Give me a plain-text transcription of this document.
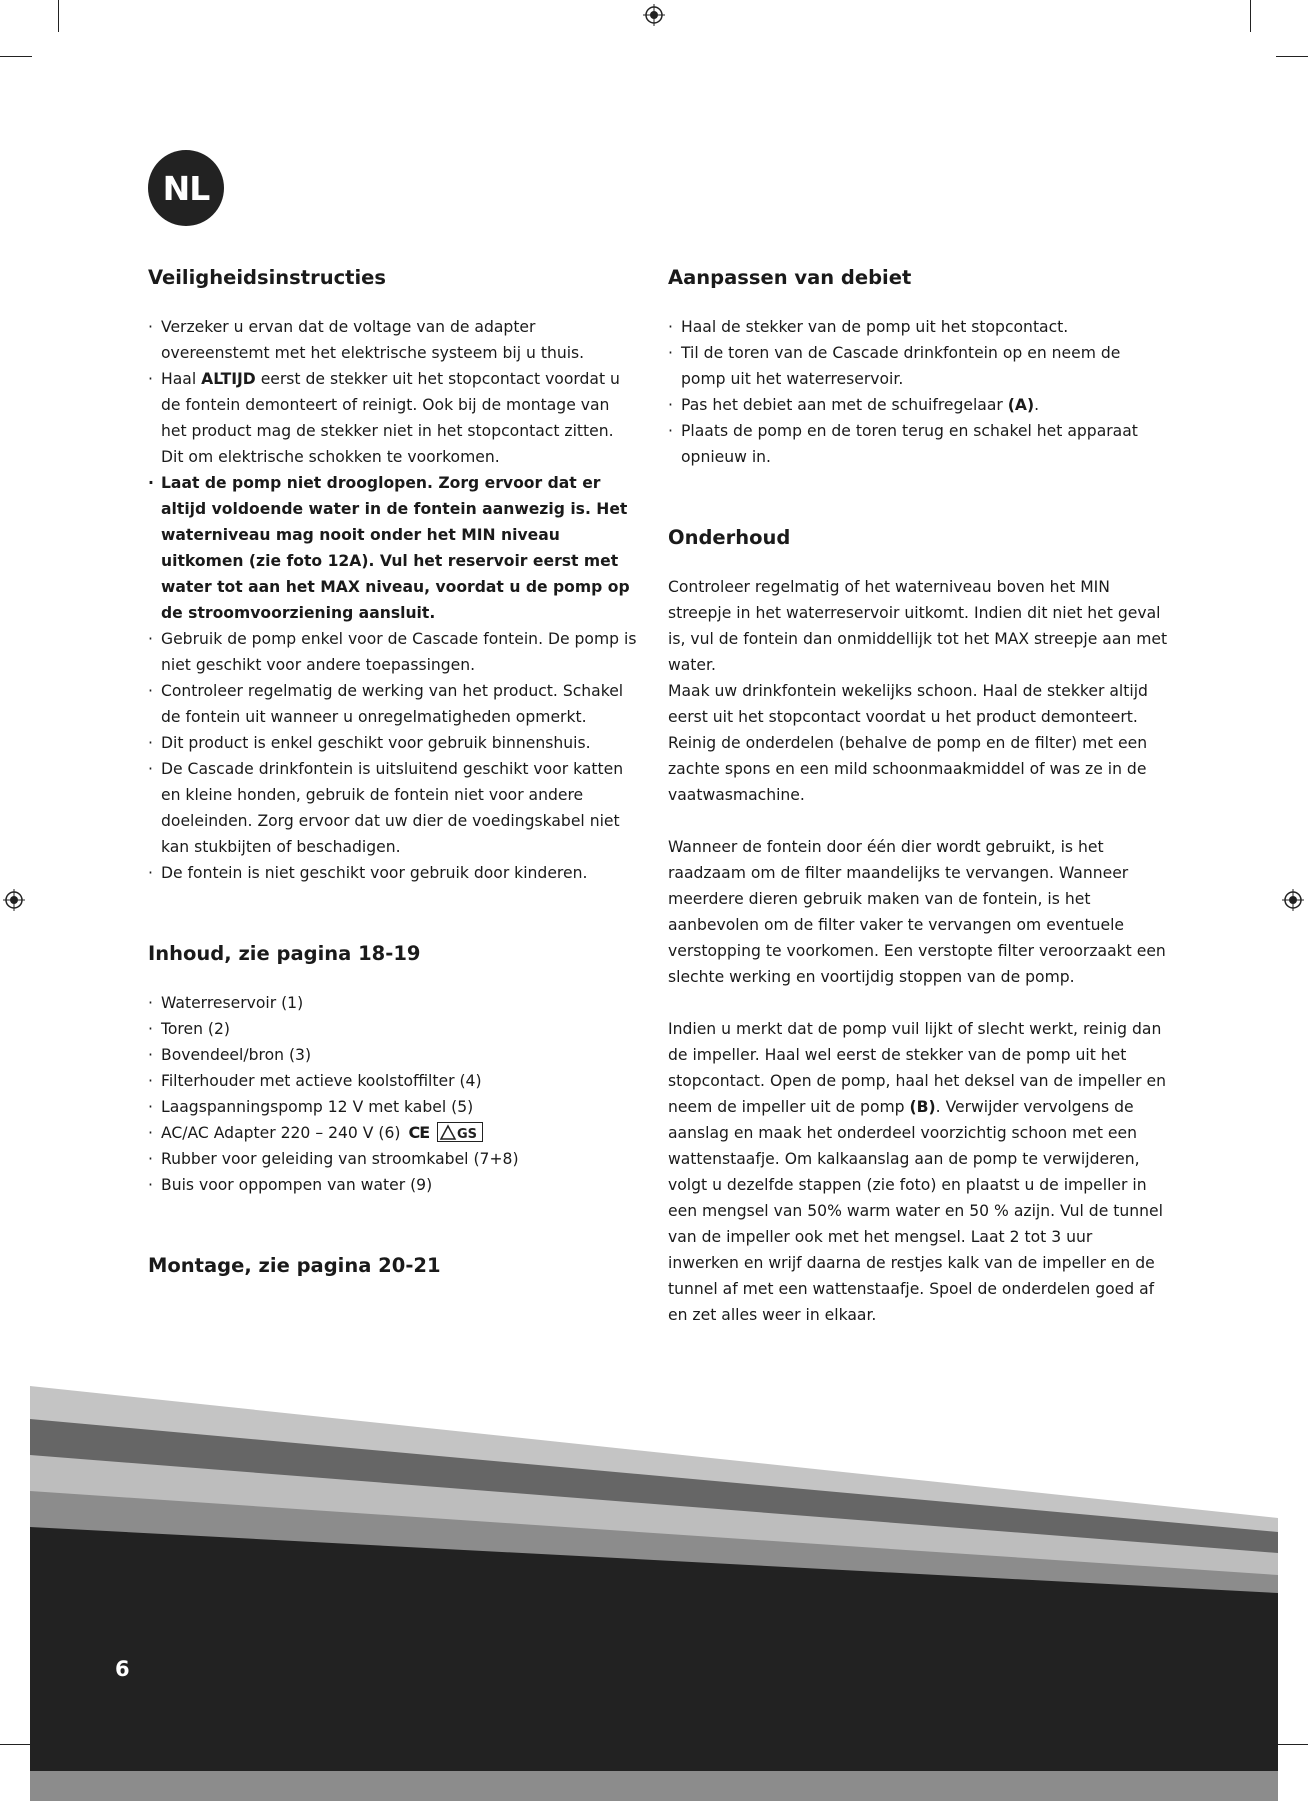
NL
Veiligheidsinstructies
· Verzeker u ervan dat de voltage van de adapter overeenstemt met het elektrische systeem bij u thuis.
· Haal ALTIJD eerst de stekker uit het stopcontact voordat u de fontein demonteert of reinigt. Ook bij de montage van het product mag de stekker niet in het stopcontact zitten. Dit om elektrische schokken te voorkomen.
· Laat de pomp niet drooglopen. Zorg ervoor dat er altijd voldoende water in de fontein aanwezig is. Het waterniveau mag nooit onder het MIN niveau uitkomen (zie foto 12A). Vul het reservoir eerst met water tot aan het MAX niveau, voordat u de pomp op de stroomvoorziening aansluit.
· Gebruik de pomp enkel voor de Cascade fontein. De pomp is niet geschikt voor andere toepassingen.
· Controleer regelmatig de werking van het product. Schakel de fontein uit wanneer u onregelmatigheden opmerkt.
· Dit product is enkel geschikt voor gebruik binnenshuis.
· De Cascade drinkfontein is uitsluitend geschikt voor katten en kleine honden, gebruik de fontein niet voor andere doeleinden. Zorg ervoor dat uw dier de voedingskabel niet kan stukbijten of beschadigen.
· De fontein is niet geschikt voor gebruik door kinderen.
Inhoud, zie pagina 18-19
· Waterreservoir (1)
· Toren (2)
· Bovendeel/bron (3)
· Filterhouder met actieve koolstoffilter (4)
· Laagspanningspomp 12 V met kabel (5)
· AC/AC Adapter 220 – 240 V (6) CE GS
· Rubber voor geleiding van stroomkabel (7+8)
· Buis voor oppompen van water (9)
Montage, zie pagina 20-21
Aanpassen van debiet
· Haal de stekker van de pomp uit het stopcontact.
· Til de toren van de Cascade drinkfontein op en neem de pomp uit het waterreservoir.
· Pas het debiet aan met de schuifregelaar (A).
· Plaats de pomp en de toren terug en schakel het apparaat opnieuw in.
Onderhoud

Controleer regelmatig of het waterniveau boven het MIN streepje in het waterreservoir uitkomt. Indien dit niet het geval is, vul de fontein dan onmiddellijk tot het MAX streepje aan met water.

Maak uw drinkfontein wekelijks schoon. Haal de stekker altijd eerst uit het stopcontact voordat u het product demonteert. Reinig de onderdelen (behalve de pomp en de filter) met een zachte spons en een mild schoonmaakmiddel of was ze in de vaatwasmachine.

Wanneer de fontein door één dier wordt gebruikt, is het raadzaam om de filter maandelijks te vervangen. Wanneer meerdere dieren gebruik maken van de fontein, is het aanbevolen om de filter vaker te vervangen om eventuele verstopping te voorkomen. Een verstopte filter veroorzaakt een slechte werking en voortijdig stoppen van de pomp.

Indien u merkt dat de pomp vuil lijkt of slecht werkt, reinig dan de impeller. Haal wel eerst de stekker van de pomp uit het stopcontact. Open de pomp, haal het deksel van de impeller en neem de impeller uit de pomp (B). Verwijder vervolgens de aanslag en maak het onderdeel voorzichtig schoon met een wattenstaafje. Om kalkaanslag aan de pomp te verwijderen, volgt u dezelfde stappen (zie foto) en plaatst u de impeller in een mengsel van 50% warm water en 50 % azijn. Vul de tunnel van de impeller ook met het mengsel. Laat 2 tot 3 uur inwerken en wrijf daarna de restjes kalk van de impeller en de tunnel af met een wattenstaafje. Spoel de onderdelen goed af en zet alles weer in elkaar.

6
